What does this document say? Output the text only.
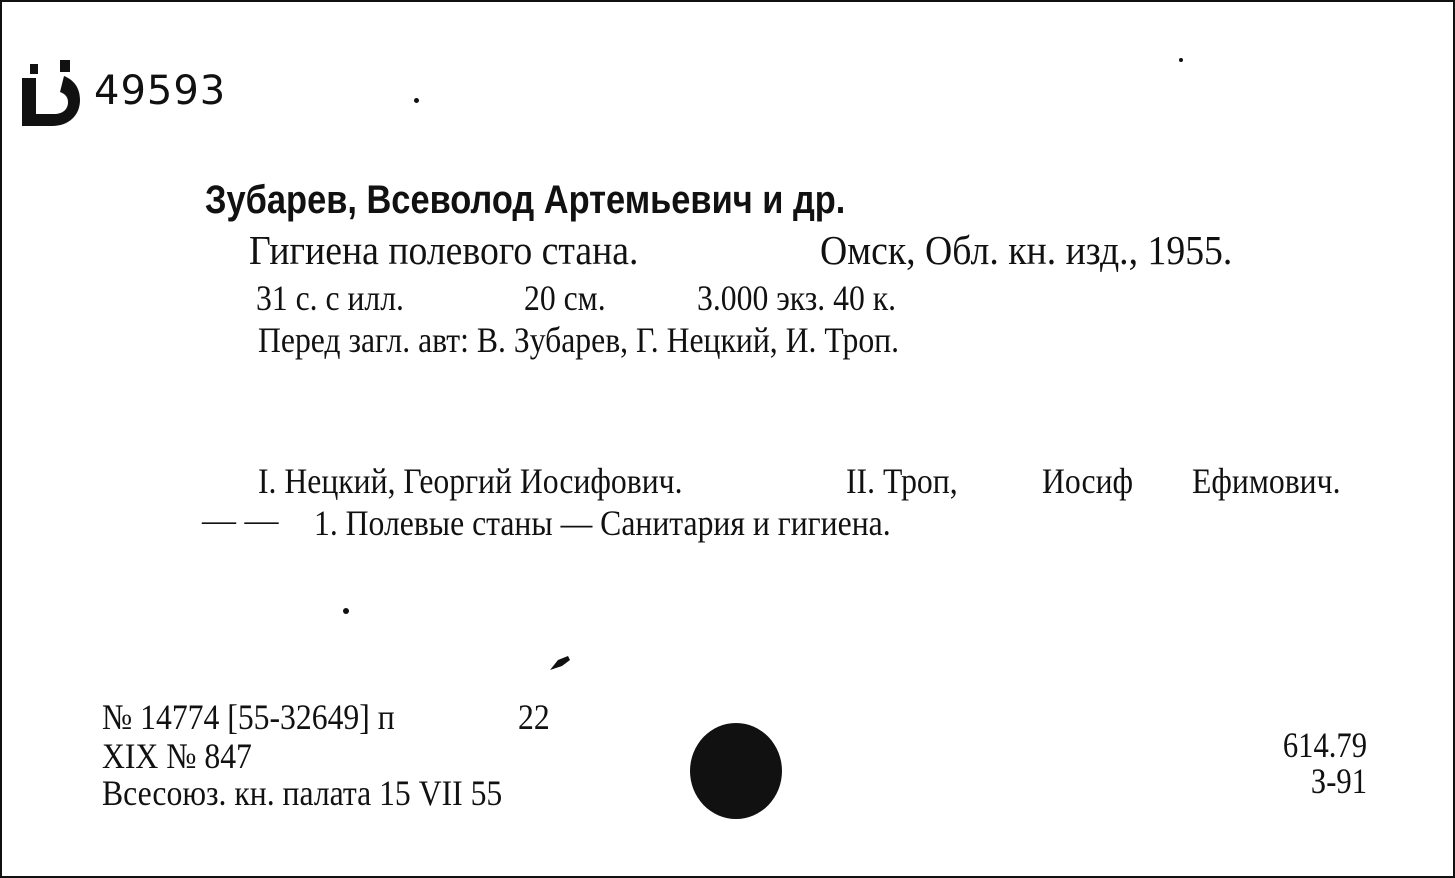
49593
Зубарев, Всеволод Артемьевич и др.
Гигиена полевого стана.	Омск, Обл. кн. изд., 1955.
31 с. с илл.	20 см.	3.000 экз. 40 к.
Перед загл. авт: В. Зубарев, Г. Нецкий, И. Троп.
I. Нецкий, Георгий Иосифович.	II. Троп, Иосиф Ефимович.
— — 1. Полевые станы — Санитария и гигиена.
№ 14774 [55-32649] п	22
XIX № 847
Всесоюз. кн. палата 15 VII 55
614.79
З-91
